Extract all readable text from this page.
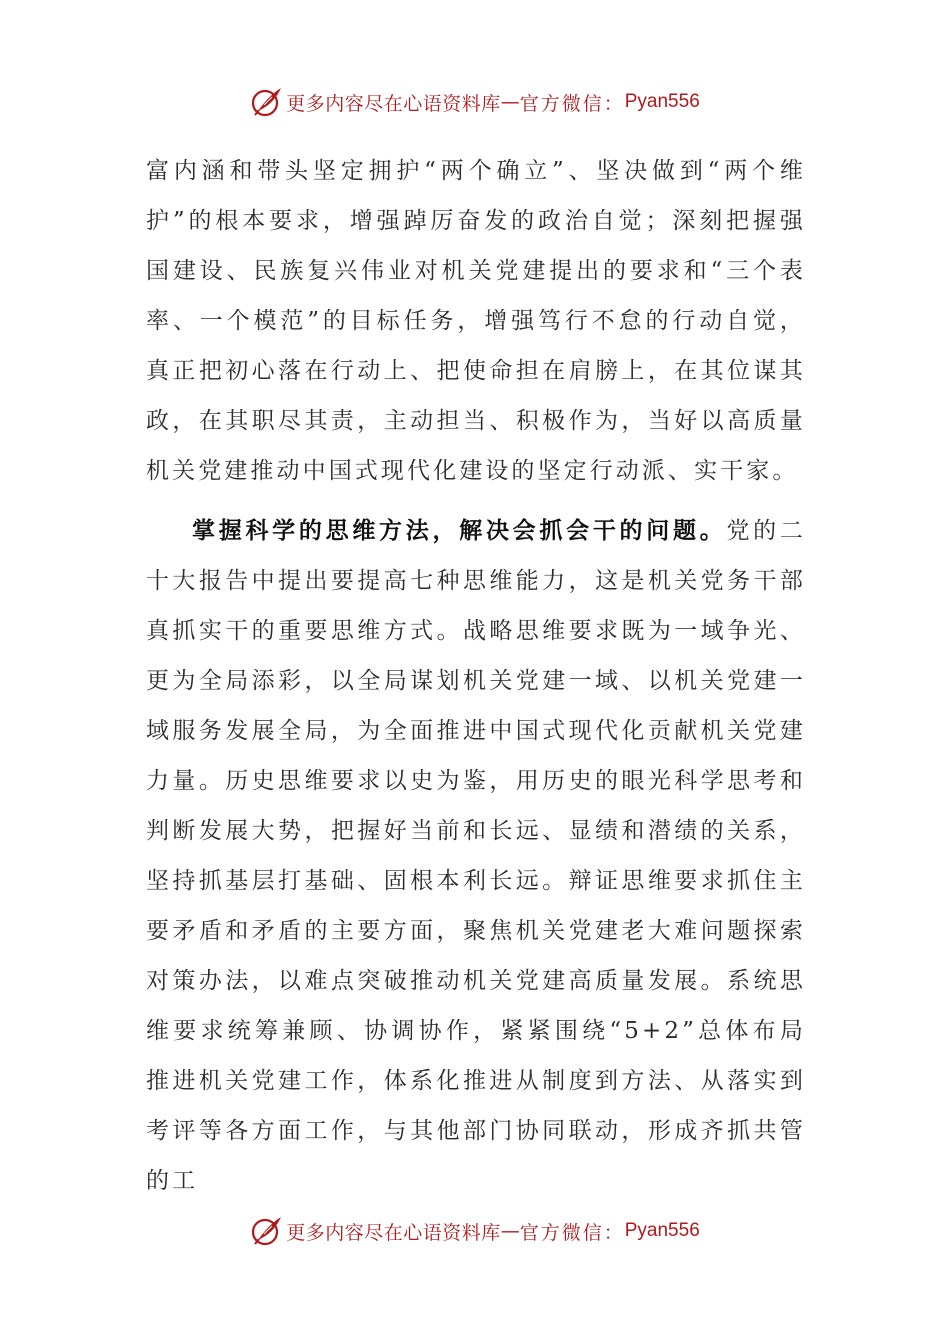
更多内容尽在心语资料库 — 官方微信： Pyan556

富内涵和带头坚定拥护“两个确立”、坚决做到“两个维护”的根本要求，增强踔厉奋发的政治自觉；深刻把握强国建设、民族复兴伟业对机关党建提出的要求和“三个表率、一个模范”的目标任务，增强笃行不怠的行动自觉，真正把初心落在行动上、把使命担在肩膀上，在其位谋其政，在其职尽其责，主动担当、积极作为，当好以高质量机关党建推动中国式现代化建设的坚定行动派、实干家。

掌握科学的思维方法，解决会抓会干的问题。党的二十大报告中提出要提高七种思维能力，这是机关党务干部真抓实干的重要思维方式。战略思维要求既为一域争光、更为全局添彩，以全局谋划机关党建一域、以机关党建一域服务发展全局，为全面推进中国式现代化贡献机关党建力量。历史思维要求以史为鉴，用历史的眼光科学思考和判断发展大势，把握好当前和长远、显绩和潜绩的关系，坚持抓基层打基础、固根本利长远。辩证思维要求抓住主要矛盾和矛盾的主要方面，聚焦机关党建老大难问题探索对策办法，以难点突破推动机关党建高质量发展。系统思维要求统筹兼顾、协调协作，紧紧围绕“5+2”总体布局推进机关党建工作，体系化推进从制度到方法、从落实到考评等各方面工作，与其他部门协同联动，形成齐抓共管的工

更多内容尽在心语资料库 — 官方微信： Pyan556
